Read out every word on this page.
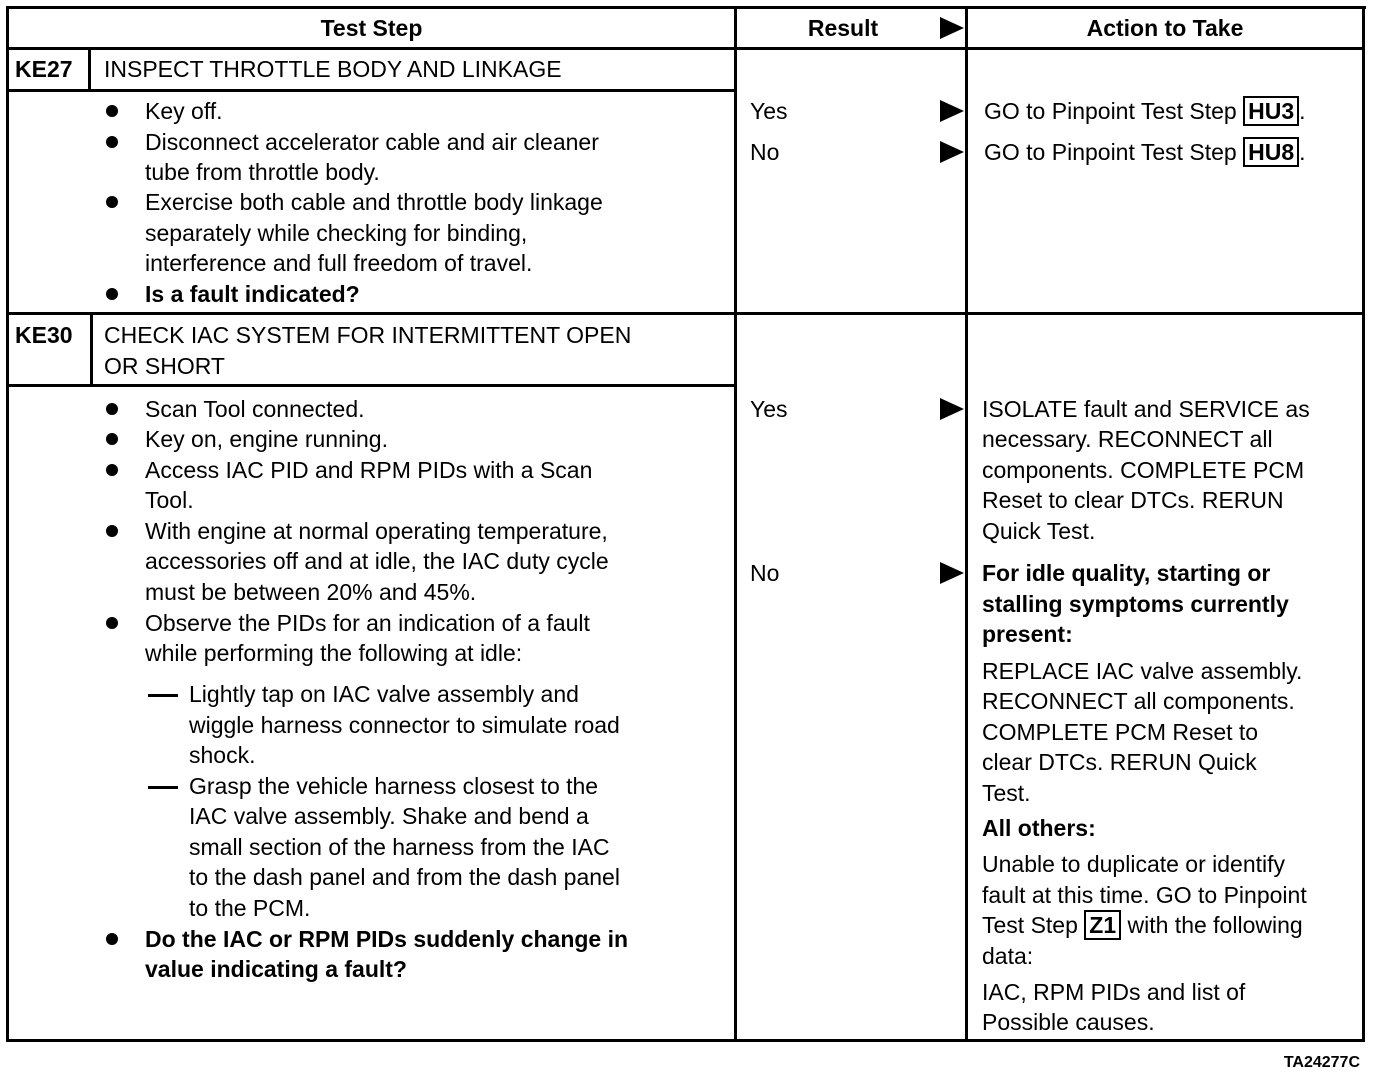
Test Step	Result	Action to Take
KE27 INSPECT THROTTLE BODY AND LINKAGE
Key off.
Disconnect accelerator cable and air cleaner
tube from throttle body.
Exercise both cable and throttle body linkage
separately while checking for binding,
interference and full freedom of travel.
Is a fault indicated?
Yes
No
GO to Pinpoint Test Step HU3 .
GO to Pinpoint Test Step HU8 .
KE30 CHECK IAC SYSTEM FOR INTERMITTENT OPEN
OR SHORT
Scan Tool connected.
Key on, engine running.
Access IAC PID and RPM PIDs with a Scan
Tool.
With engine at normal operating temperature,
accessories off and at idle, the IAC duty cycle
must be between 20% and 45%.
Observe the PIDs for an indication of a fault
while performing the following at idle:
Lightly tap on IAC valve assembly and
wiggle harness connector to simulate road
shock.
Grasp the vehicle harness closest to the
IAC valve assembly. Shake and bend a
small section of the harness from the IAC
to the dash panel and from the dash panel
to the PCM.
Do the IAC or RPM PIDs suddenly change in
value indicating a fault?
Yes
No
ISOLATE fault and SERVICE as
necessary. RECONNECT all
components. COMPLETE PCM
Reset to clear DTCs. RERUN
Quick Test.
For idle quality, starting or
stalling symptoms currently
present:
REPLACE IAC valve assembly.
RECONNECT all components.
COMPLETE PCM Reset to
clear DTCs. RERUN Quick
Test.
All others:
Unable to duplicate or identify
fault at this time. GO to Pinpoint
Test Step Z1 with the following
data:
IAC, RPM PIDs and list of
Possible causes.
TA24277C
